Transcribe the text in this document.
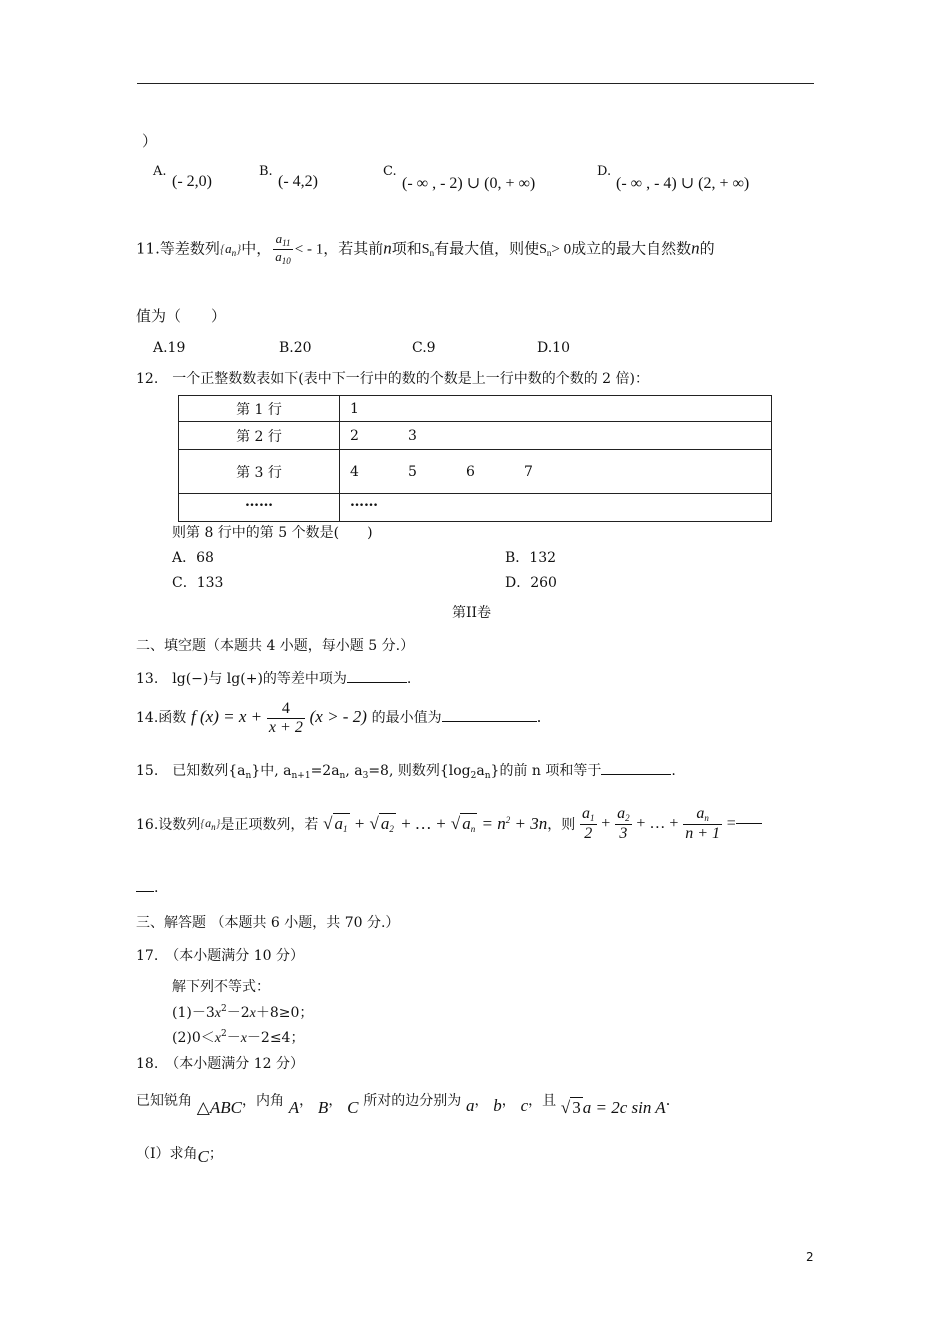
）
A.
(- 2,0)
B.
(- 4,2)
C.
(- ∞ , - 2) ∪ (0, + ∞)
D.
(- ∞ , - 4) ∪ (2, + ∞)
11.等差数列$\{a_n\}$中， $\frac{a_{11}}{a_{10}}$ < - 1，若其前n项和$S_n$有最大值，则使$S_n> 0$成立的最大自然数n的
值为（　　）
A.19	B.20	C.9	D.10
12.　一个正整数数表如下(表中下一行中的数的个数是上一行中数的个数的 2 倍)：
第 1 行	1
第 2 行	2 3
第 3 行	4 5 6 7
……	……
则第 8 行中的第 5 个数是(　　)
A．68	B．132
C．133	D．260
第II卷
二、填空题（本题共 4 小题，每小题 5 分.）
13.　lg(−)与 lg(+)的等差中项为	.
14.函数 f $(x) = x + \frac{4}{x + 2} (x$ > - 2) 的最小值为	.
15.　已知数列$\{a_n\}$中, $a_{n+1}=2a_n$, $a_3=8$, 则数列$\{\log_2a_n\}$的前 n 项和等于	.
16.设数列$\{a_n\}$是正项数列，若 √ $a_1$ + √ $a_2$ + … + √ $a_n = n^2 + 3n$，则 $\frac{a_1}{2} + \frac{a_2}{3}$ + … + $\frac{a_n}{n + 1}$ =
.
三、解答题 （本题共 6 小题，共 70 分.）
17.　（本小题满分 10 分）
解下列不等式：
$(1)-3x^2-2x+8\ge 0$；
$(2)0<x^2-x-2\le 4$；
18.　（本小题满分 12 分）
已知锐角 △ABC，内角 A， B， C 所对的边分别为 a， b， c，且 √ 3 a = 2c sin A.
（I）求角C；
2
